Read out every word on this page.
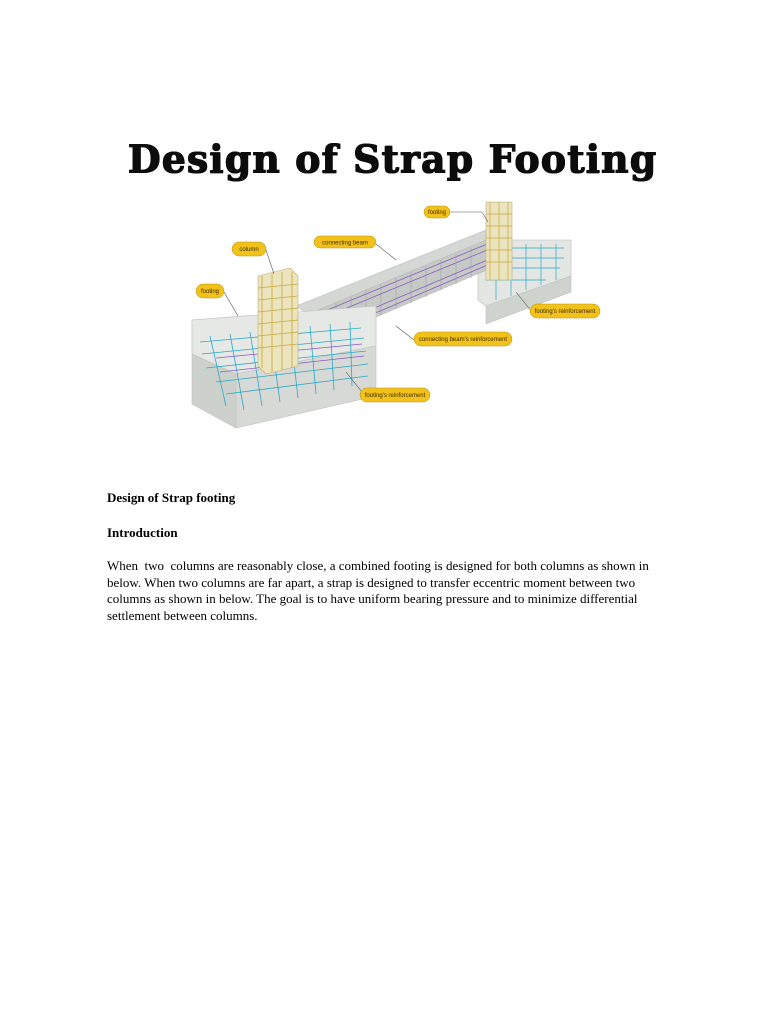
Design of Strap Footing
footing
column
connecting beam
footing
footing's reinforcement
connecting beam's reinforcement
footing's reinforcement
Design of Strap footing
Introduction
When  two  columns are reasonably close, a combined footing is designed for both columns as shown in below. When two columns are far apart, a strap is designed to transfer eccentric moment between two columns as shown in below. The goal is to have uniform bearing pressure and to minimize differential settlement between columns.
